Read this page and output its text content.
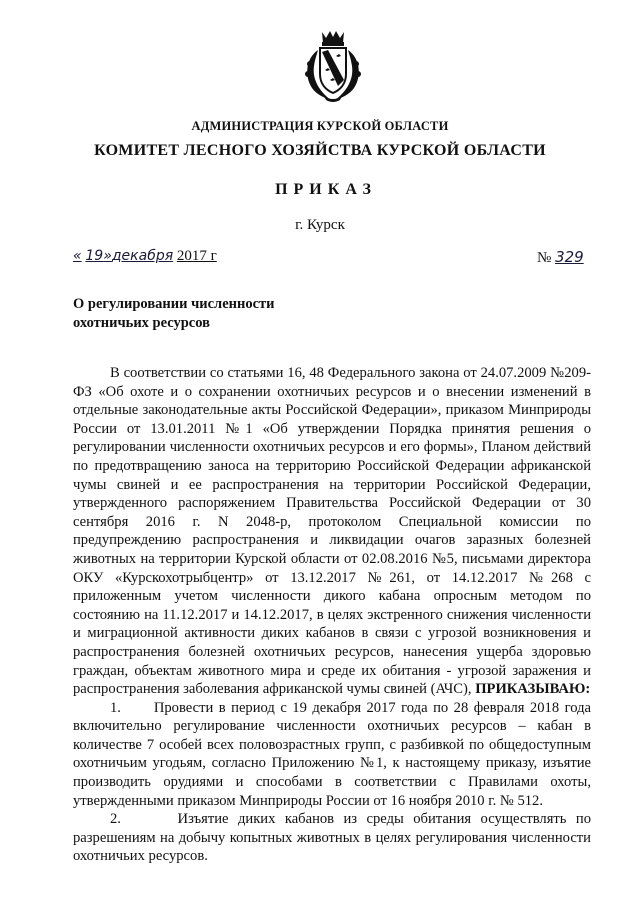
АДМИНИСТРАЦИЯ КУРСКОЙ ОБЛАСТИ
КОМИТЕТ ЛЕСНОГО ХОЗЯЙСТВА КУРСКОЙ ОБЛАСТИ
ПРИКАЗ
г. Курск
« 19»декабря 2017 г	№ 329
О регулировании численности
охотничьих ресурсов

В соответствии со статьями 16, 48 Федерального закона от 24.07.2009 №209-ФЗ «Об охоте и о сохранении охотничьих ресурсов и о внесении изменений в отдельные законодательные акты Российской Федерации», приказом Минприроды России от 13.01.2011 №1 «Об утверждении Порядка принятия решения о регулировании численности охотничьих ресурсов и его формы», Планом действий по предотвращению заноса на территорию Российской Федерации африканской чумы свиней и ее распространения на территории Российской Федерации, утвержденного распоряжением Правительства Российской Федерации от 30 сентября 2016 г. N 2048-р, протоколом Специальной комиссии по предупреждению распространения и ликвидации очагов заразных болезней животных на территории Курской области от 02.08.2016 №5, письмами директора ОКУ «Курскохотрыбцентр» от 13.12.2017 №261, от 14.12.2017 №268 с приложенным учетом численности дикого кабана опросным методом по состоянию на 11.12.2017 и 14.12.2017, в целях экстренного снижения численности и миграционной активности диких кабанов в связи с угрозой возникновения и распространения болезней охотничьих ресурсов, нанесения ущерба здоровью граждан, объектам животного мира и среде их обитания - угрозой заражения и распространения заболевания африканской чумы свиней (АЧС), ПРИКАЗЫВАЮ:

1. Провести в период с 19 декабря 2017 года по 28 февраля 2018 года включительно регулирование численности охотничьих ресурсов – кабан в количестве 7 особей всех половозрастных групп, с разбивкой по общедоступным охотничьим угодьям, согласно Приложению №1, к настоящему приказу, изъятие производить орудиями и способами в соответствии с Правилами охоты, утвержденными приказом Минприроды России от 16 ноября 2010 г. № 512.

2.	Изъятие диких кабанов из среды обитания осуществлять по разрешениям на добычу копытных животных в целях регулирования численности охотничьих ресурсов.
